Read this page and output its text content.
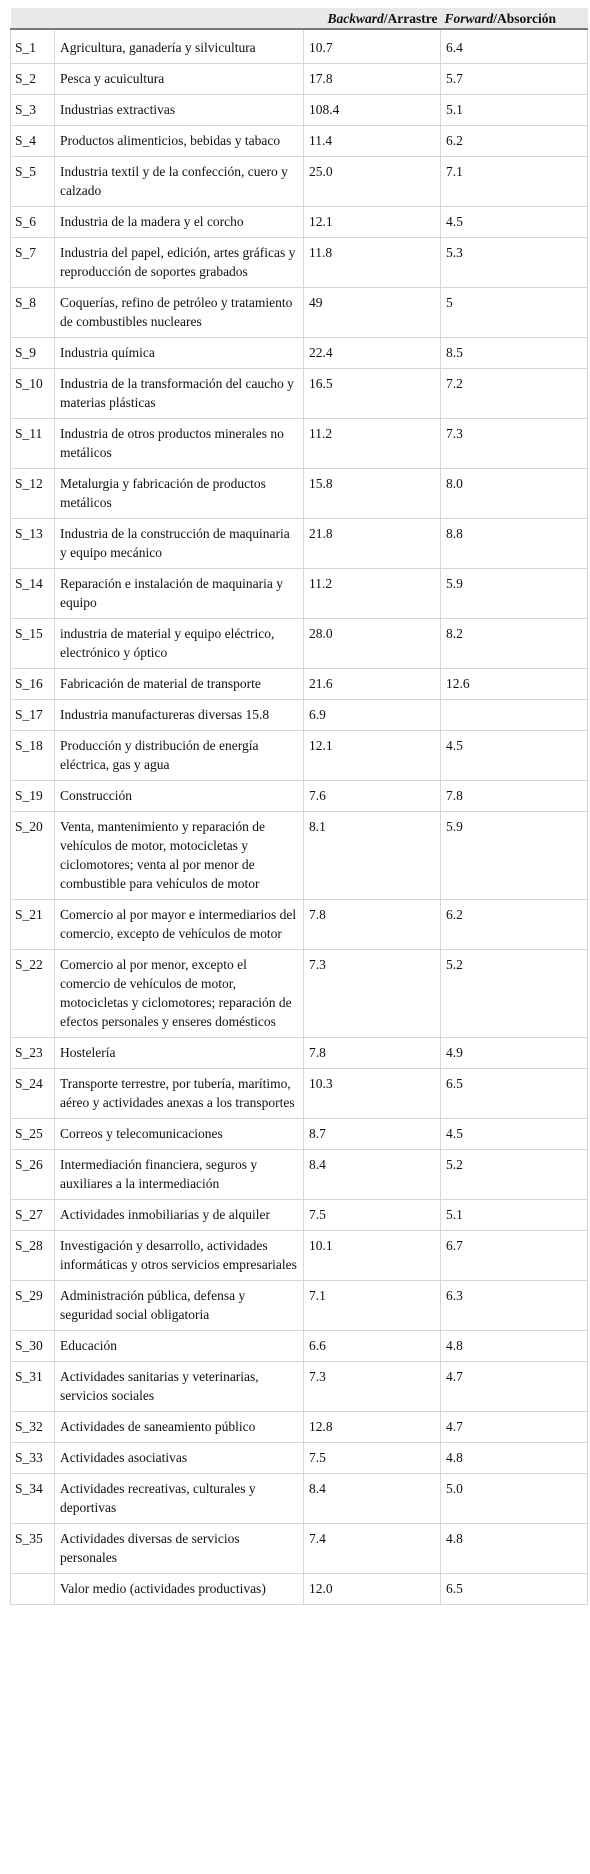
		Backward/Arrastre	Forward/Absorción
S_1	Agricultura, ganadería y silvicultura	10.7	6.4
S_2	Pesca y acuicultura	17.8	5.7
S_3	Industrias extractivas	108.4	5.1
S_4	Productos alimenticios, bebidas y tabaco	11.4	6.2
S_5	Industria textil y de la confección, cuero y calzado	25.0	7.1
S_6	Industria de la madera y el corcho	12.1	4.5
S_7	Industria del papel, edición, artes gráficas y reproducción de soportes grabados	11.8	5.3
S_8	Coquerías, refino de petróleo y tratamiento de combustibles nucleares	49	5
S_9	Industria química	22.4	8.5
S_10	Industria de la transformación del caucho y materias plásticas	16.5	7.2
S_11	Industria de otros productos minerales no metálicos	11.2	7.3
S_12	Metalurgia y fabricación de productos metálicos	15.8	8.0
S_13	Industria de la construcción de maquinaria y equipo mecánico	21.8	8.8
S_14	Reparación e instalación de maquinaria y equipo	11.2	5.9
S_15	industria de material y equipo eléctrico, electrónico y óptico	28.0	8.2
S_16	Fabricación de material de transporte	21.6	12.6
S_17	Industria manufactureras diversas 15.8	6.9	
S_18	Producción y distribución de energía eléctrica, gas y agua	12.1	4.5
S_19	Construcción	7.6	7.8
S_20	Venta, mantenimiento y reparación de vehículos de motor, motocicletas y ciclomotores; venta al por menor de combustible para vehículos de motor	8.1	5.9
S_21	Comercio al por mayor e intermediarios del comercio, excepto de vehículos de motor	7.8	6.2
S_22	Comercio al por menor, excepto el comercio de vehículos de motor, motocicletas y ciclomotores; reparación de efectos personales y enseres domésticos	7.3	5.2
S_23	Hostelería	7.8	4.9
S_24	Transporte terrestre, por tubería, marítimo, aéreo y actividades anexas a los transportes	10.3	6.5
S_25	Correos y telecomunicaciones	8.7	4.5
S_26	Intermediación financiera, seguros y auxiliares a la intermediación	8.4	5.2
S_27	Actividades inmobiliarias y de alquiler	7.5	5.1
S_28	Investigación y desarrollo, actividades informáticas y otros servicios empresariales	10.1	6.7
S_29	Administración pública, defensa y seguridad social obligatoria	7.1	6.3
S_30	Educación	6.6	4.8
S_31	Actividades sanitarias y veterinarias, servicios sociales	7.3	4.7
S_32	Actividades de saneamiento público	12.8	4.7
S_33	Actividades asociativas	7.5	4.8
S_34	Actividades recreativas, culturales y deportivas	8.4	5.0
S_35	Actividades diversas de servicios personales	7.4	4.8
	Valor medio (actividades productivas)	12.0	6.5
